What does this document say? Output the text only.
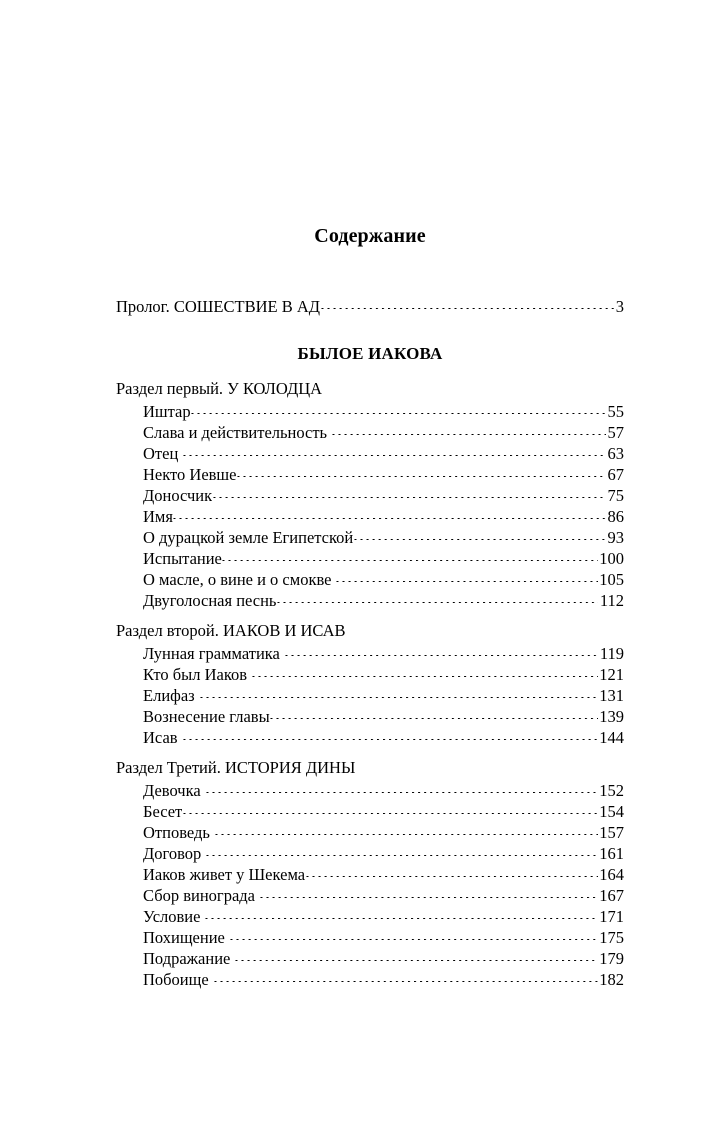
Содержание
Пролог. СОШЕСТВИЕ В АД	3
БЫЛОЕ ИАКОВА
Раздел первый. У КОЛОДЦА
Иштар	55
Слава и действительность	57
Отец	63
Некто Иевше	67
Доносчик	75
Имя	86
О дурацкой земле Египетской	93
Испытание	100
О масле, о вине и о смокве	105
Двуголосная песнь	112
Раздел второй. ИАКОВ И ИСАВ
Лунная грамматика	119
Кто был Иаков	121
Елифаз	131
Вознесение главы	139
Исав	144
Раздел Третий. ИСТОРИЯ ДИНЫ
Девочка	152
Бесет	154
Отповедь	157
Договор	161
Иаков живет у Шекема	164
Сбор винограда	167
Условие	171
Похищение	175
Подражание	179
Побоище	182
